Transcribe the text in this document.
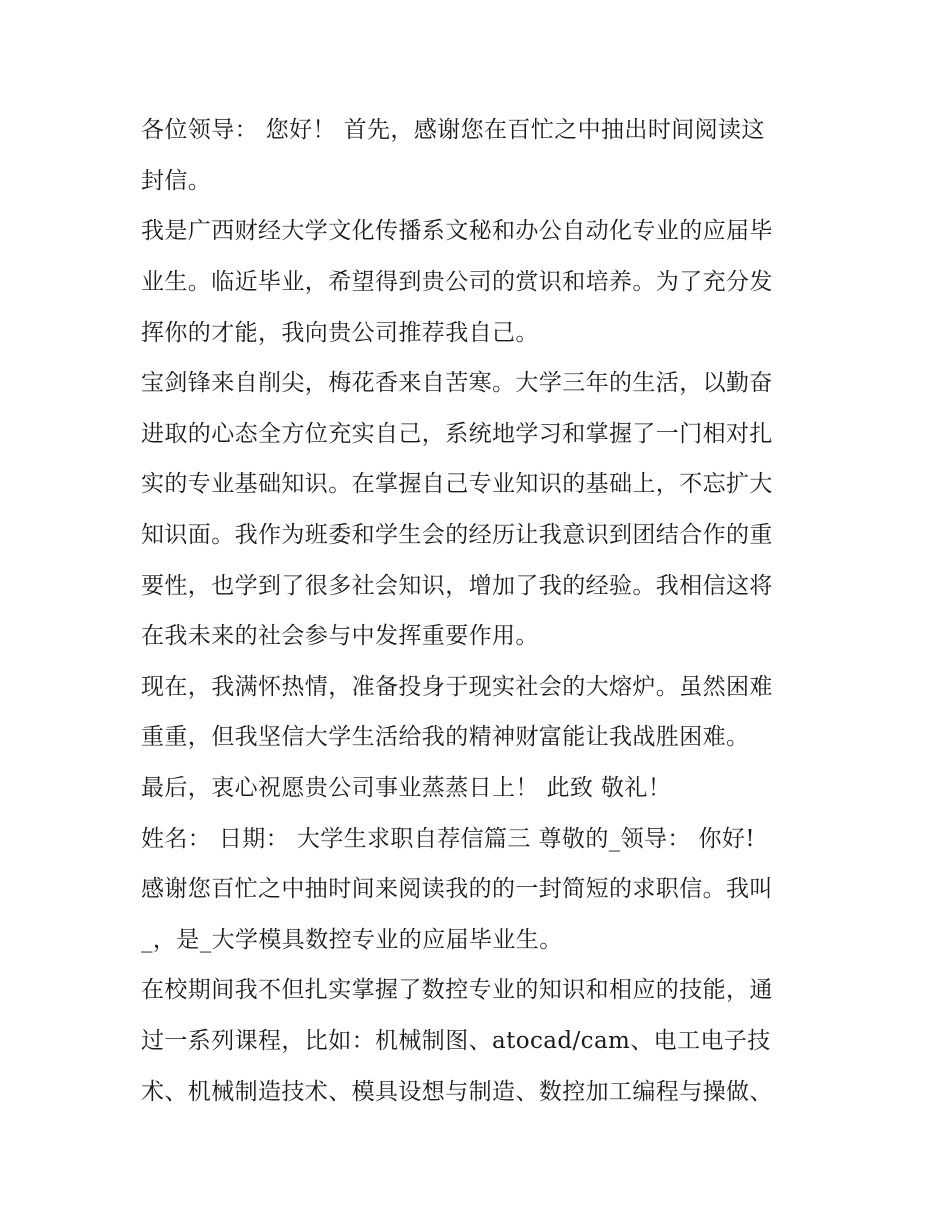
各位领导： 您好！ 首先，感谢您在百忙之中抽出时间阅读这
封信。
我是广西财经大学文化传播系文秘和办公自动化专业的应届毕
业生。临近毕业，希望得到贵公司的赏识和培养。为了充分发
挥你的才能，我向贵公司推荐我自己。
宝剑锋来自削尖，梅花香来自苦寒。大学三年的生活，以勤奋
进取的心态全方位充实自己，系统地学习和掌握了一门相对扎
实的专业基础知识。在掌握自己专业知识的基础上，不忘扩大
知识面。我作为班委和学生会的经历让我意识到团结合作的重
要性，也学到了很多社会知识，增加了我的经验。我相信这将
在我未来的社会参与中发挥重要作用。
现在，我满怀热情，准备投身于现实社会的大熔炉。虽然困难
重重，但我坚信大学生活给我的精神财富能让我战胜困难。
最后，衷心祝愿贵公司事业蒸蒸日上！ 此致 敬礼！
姓名： 日期： 大学生求职自荐信篇三 尊敬的_领导： 你好!
感谢您百忙之中抽时间来阅读我的的一封简短的求职信。我叫
_，是_大学模具数控专业的应届毕业生。
在校期间我不但扎实掌握了数控专业的知识和相应的技能，通
过一系列课程，比如：机械制图、atocad/cam、电工电子技
术、机械制造技术、模具设想与制造、数控加工编程与操做、
